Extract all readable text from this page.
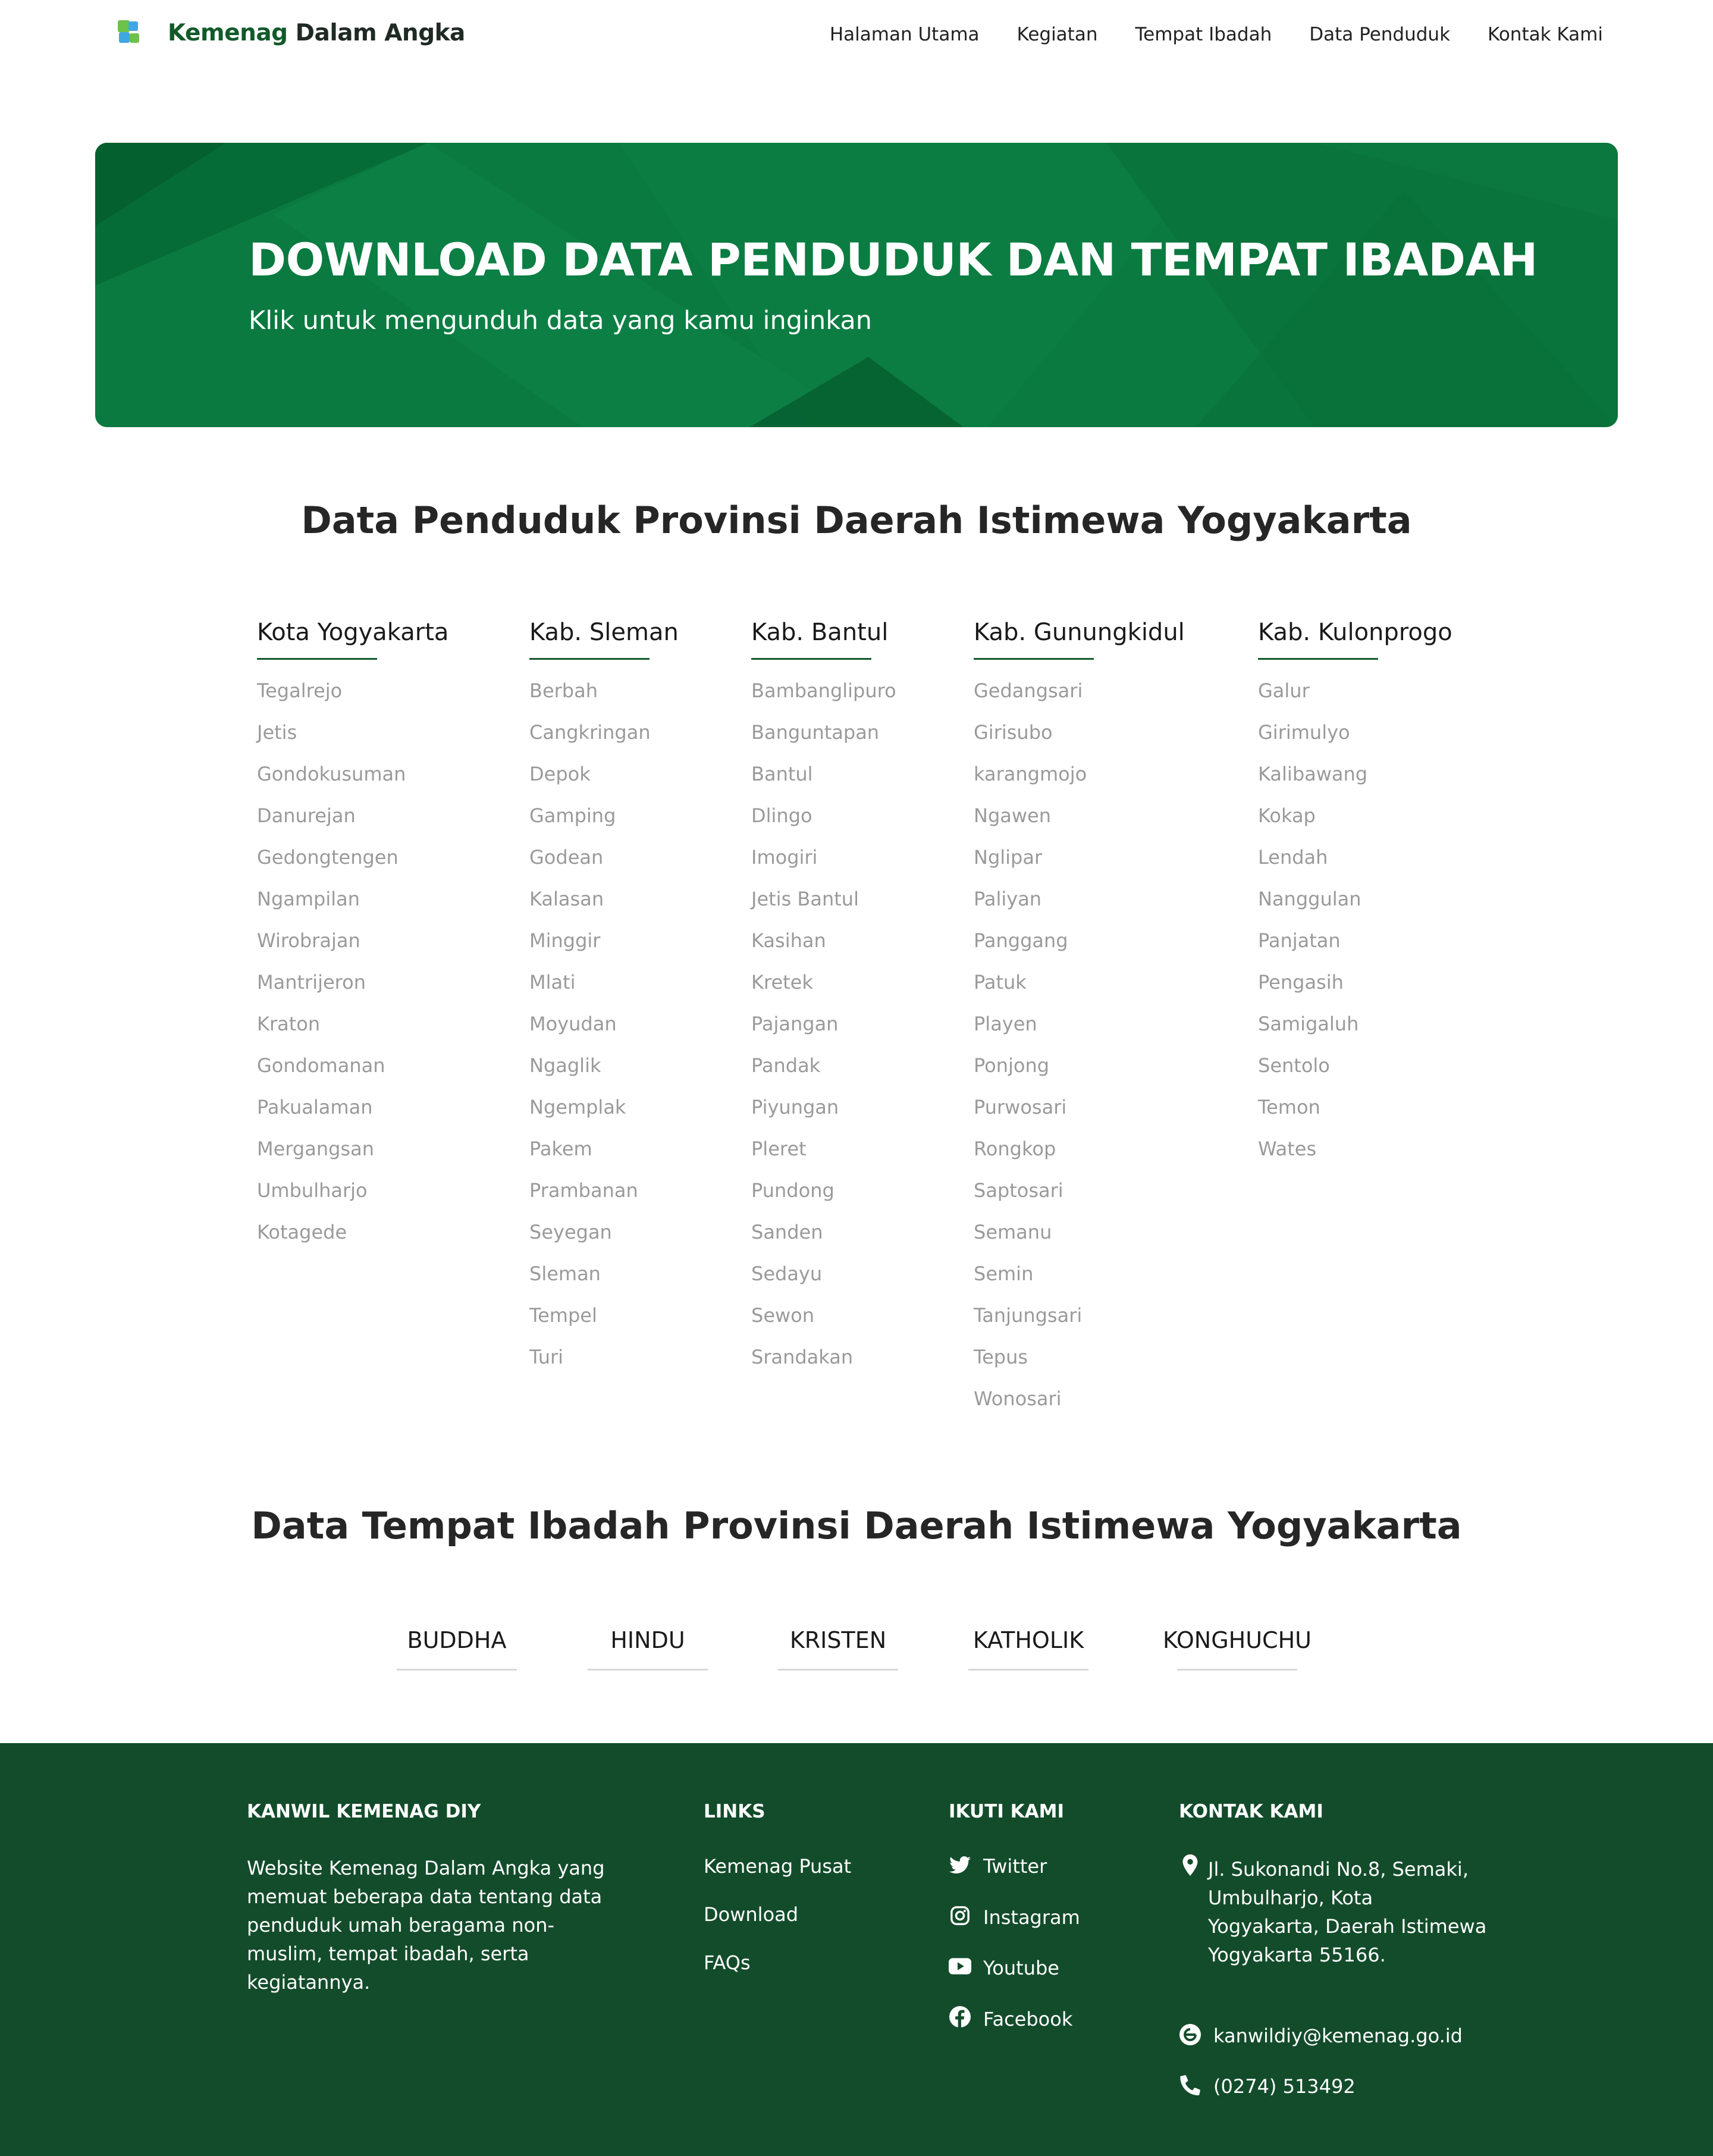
Kemenag Dalam Angka	Halaman Utama Kegiatan Tempat Ibadah Data Penduduk Kontak Kami
DOWNLOAD DATA PENDUDUK DAN TEMPAT IBADAH

Klik untuk mengunduh data yang kamu inginkan

Data Penduduk Provinsi Daerah Istimewa Yogyakarta
Kota Yogyakarta
Tegalrejo
Jetis
Gondokusuman
Danurejan
Gedongtengen
Ngampilan
Wirobrajan
Mantrijeron
Kraton
Gondomanan
Pakualaman
Mergangsan
Umbulharjo
Kotagede
Kab. Sleman
Berbah
Cangkringan
Depok
Gamping
Godean
Kalasan
Minggir
Mlati
Moyudan
Ngaglik
Ngemplak
Pakem
Prambanan
Seyegan
Sleman
Tempel
Turi
Kab. Bantul
Bambanglipuro
Banguntapan
Bantul
Dlingo
Imogiri
Jetis Bantul
Kasihan
Kretek
Pajangan
Pandak
Piyungan
Pleret
Pundong
Sanden
Sedayu
Sewon
Srandakan
Kab. Gunungkidul
Gedangsari
Girisubo
karangmojo
Ngawen
Nglipar
Paliyan
Panggang
Patuk
Playen
Ponjong
Purwosari
Rongkop
Saptosari
Semanu
Semin
Tanjungsari
Tepus
Wonosari
Kab. Kulonprogo
Galur
Girimulyo
Kalibawang
Kokap
Lendah
Nanggulan
Panjatan
Pengasih
Samigaluh
Sentolo
Temon
Wates
Data Tempat Ibadah Provinsi Daerah Istimewa Yogyakarta
BUDDHA	HINDU	KRISTEN	KATHOLIK	KONGHUCHU
KANWIL KEMENAG DIY

Website Kemenag Dalam Angka yang memuat beberapa data tentang data penduduk umah beragama non-muslim, tempat ibadah, serta kegiatannya.

LINKS
Kemenag Pusat
Download
FAQs
IKUTI KAMI
Twitter
Instagram
Youtube
Facebook
KONTAK KAMI

Jl. Sukonandi No.8, Semaki, Umbulharjo, Kota Yogyakarta, Daerah Istimewa Yogyakarta 55166.

kanwildiy@kemenag.go.id
(0274) 513492
